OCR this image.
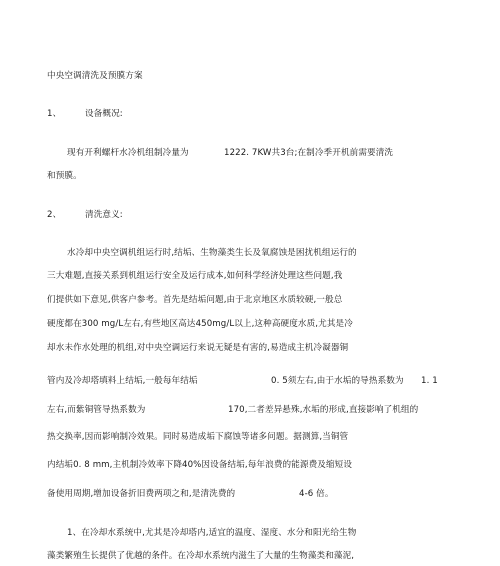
中央空调清洗及预膜方案
1、	设备概况:
现有开利螺杆水冷机组制冷量为	1222. 7KW共3台;在制冷季开机前需要清洗
和预膜。
2、	清洗意义:
水冷却中央空调机组运行时,结垢、生物藻类生长及氧腐蚀是困扰机组运行的
三大难题,直接关系到机组运行安全及运行成本,如何科学经济处理这些问题,我
们提供如下意见,供客户参考。首先是结垢问题,由于北京地区水质较硬,一般总
硬度都在300 mg/L左右,有些地区高达450mg/L以上,这种高硬度水质,尤其是冷
却水未作水处理的机组,对中央空调运行来说无疑是有害的,易造成主机冷凝器铜
管内及冷却塔填料上结垢,一般每年结垢	0. 5须左右,由于水垢的导热系数为 1. 1
左右,而紫铜管导热系数为	170,二者差异悬殊,水垢的形成,直接影响了机组的
热交换率,因而影响制冷效果。同时易造成垢下腐蚀等诸多问题。据测算,当铜管
内结垢0. 8 mm,主机制冷效率下降40%因设备结垢,每年浪费的能源费及缩短设
备使用周期,增加设备折旧费两项之和,是清洗费的	4-6 倍。
1、在冷却水系统中,尤其是冷却塔内,适宜的温度、湿度、水分和阳光给生物
藻类繁殖生长提供了优越的条件。在冷却水系统内滋生了大量的生物藻类和藻泥,
